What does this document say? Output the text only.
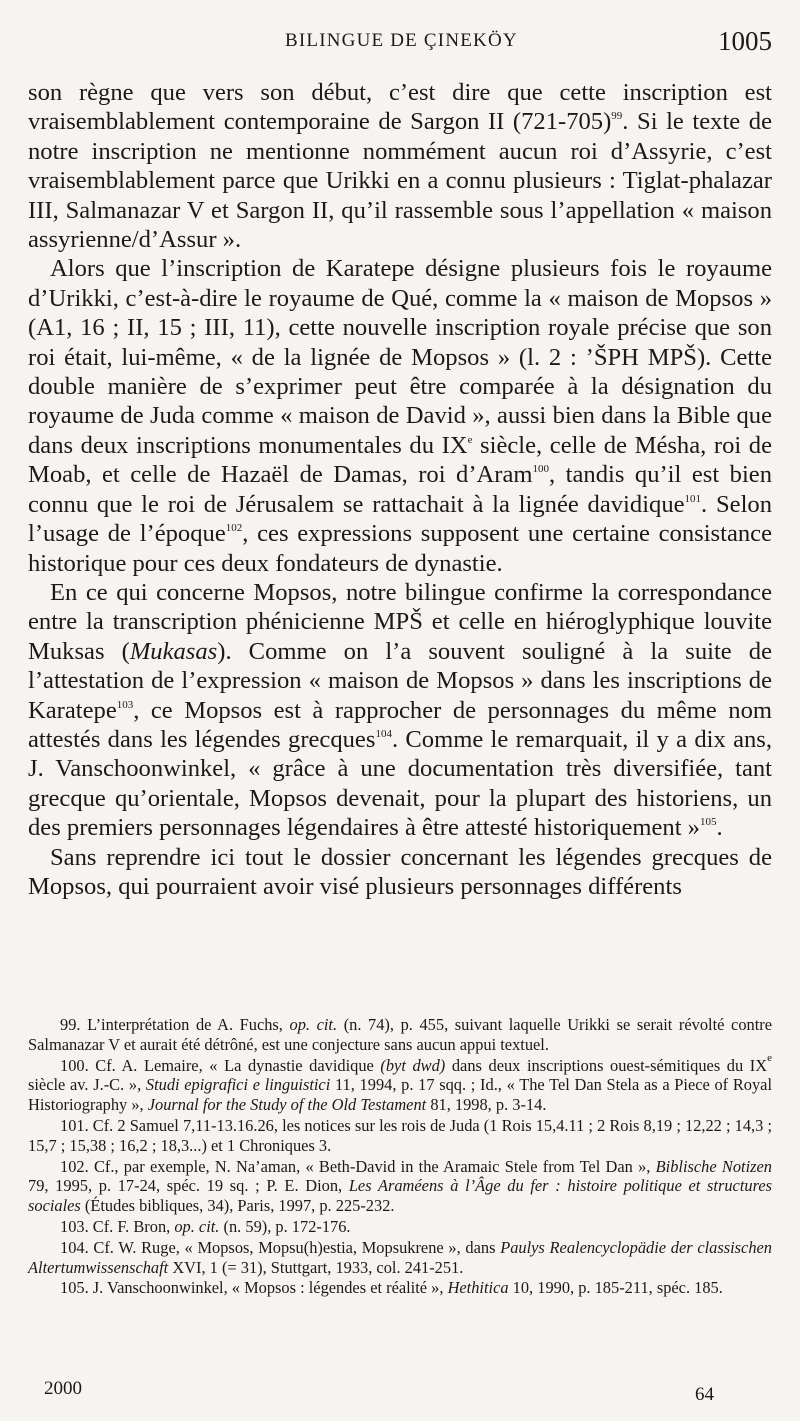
BILINGUE DE ÇINEKÖY	1005

son règne que vers son début, c’est dire que cette inscription est vraisemblablement contemporaine de Sargon II $(721-705)^{99}$. Si le texte de notre inscription ne mentionne nommément aucun roi d’Assyrie, c’est vraisemblablement parce que Urikki en a connu plusieurs : Tiglat-phalazar III, Salmanazar V et Sargon II, qu’il rassemble sous l’appellation « maison assyrienne/d’Assur ».

Alors que l’inscription de Karatepe désigne plusieurs fois le royaume d’Urikki, c’est-à-dire le royaume de Qué, comme la « maison de Mopsos » (A1, 16 ; II, 15 ; III, 11), cette nouvelle inscription royale précise que son roi était, lui-même, « de la lignée de Mopsos » (l. 2 : ’ŠPH MPŠ). Cette double manière de s’exprimer peut être comparée à la désignation du royaume de Juda comme « maison de David », aussi bien dans la Bible que dans deux inscriptions monumentales du IXe siècle, celle de Mésha, roi de Moab, et celle de Hazaël de Damas, roi d’Aram$^{100}$, tandis qu’il est bien connu que le roi de Jérusalem se rattachait à la lignée davidique$^{101}$. Selon l’usage de l’époque$^{102}$, ces expressions supposent une certaine consistance historique pour ces deux fondateurs de dynastie.

En ce qui concerne Mopsos, notre bilingue confirme la correspondance entre la transcription phénicienne MPŠ et celle en hiéroglyphique louvite Muksas (Mukasas). Comme on l’a souvent souligné à la suite de l’attestation de l’expression « maison de Mopsos » dans les inscriptions de Karatepe$^{103}$, ce Mopsos est à rapprocher de personnages du même nom attestés dans les légendes grecques$^{104}$. Comme le remarquait, il y a dix ans, J. Vanschoonwinkel, « grâce à une documentation très diversifiée, tant grecque qu’orientale, Mopsos devenait, pour la plupart des historiens, un des premiers personnages légendaires à être attesté historiquement »$^{105}$.

Sans reprendre ici tout le dossier concernant les légendes grecques de Mopsos, qui pourraient avoir visé plusieurs personnages différents

99. L’interprétation de A. Fuchs, op. cit. (n. 74), p. 455, suivant laquelle Urikki se serait révolté contre Salmanazar V et aurait été détrôné, est une conjecture sans aucun appui textuel.

100. Cf. A. Lemaire, « La dynastie davidique (byt dwd) dans deux inscriptions ouest-sémitiques du IXe siècle av. J.-C. », Studi epigrafici e linguistici 11, 1994, p. 17 sqq. ; Id., « The Tel Dan Stela as a Piece of Royal Historiography », Journal for the Study of the Old Testament 81, 1998, p. 3-14.

101. Cf. 2 Samuel 7,11-13.16.26, les notices sur les rois de Juda (1 Rois 15,4.11 ; 2 Rois 8,19 ; 12,22 ; 14,3 ; 15,7 ; 15,38 ; 16,2 ; 18,3...) et 1 Chroniques 3.

102. Cf., par exemple, N. Na’aman, « Beth-David in the Aramaic Stele from Tel Dan », Biblische Notizen 79, 1995, p. 17-24, spéc. 19 sq. ; P. E. Dion, Les Araméens à l’Âge du fer : histoire politique et structures sociales (Études bibliques, 34), Paris, 1997, p. 225-232.

103. Cf. F. Bron, op. cit. (n. 59), p. 172-176.

104. Cf. W. Ruge, « Mopsos, Mopsu(h)estia, Mopsukrene », dans Paulys Realencyclopädie der classischen Altertumwissenschaft XVI, 1 (= 31), Stuttgart, 1933, col. 241-251.

105. J. Vanschoonwinkel, « Mopsos : légendes et réalité », Hethitica 10, 1990, p. 185-211, spéc. 185.

2000	64
